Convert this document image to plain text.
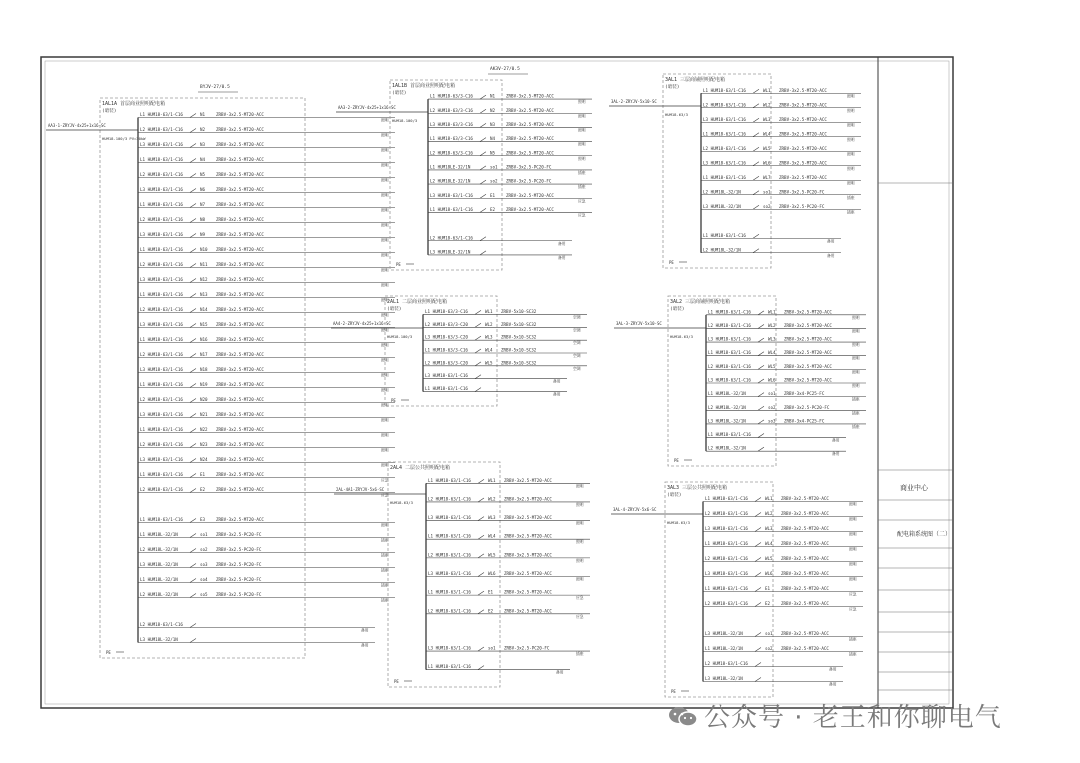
商业中心
配电箱系统图（二）
1AL1A 首层商业照明配电箱
(暗装)
AA3-1-ZRYJV-4x25+1x16-SC
HUM18-100/3 PV=30kW
BYJV-27/0.5
L1 HUM18-63/1-C16	N1	ZRBV-3x2.5-MT20-ACC
照明
L2 HUM18-63/1-C16	N2	ZRBV-3x2.5-MT20-ACC
照明
L3 HUM18-63/1-C16	N3	ZRBV-3x2.5-MT20-ACC
照明
L1 HUM18-63/1-C16	N4	ZRBV-3x2.5-MT20-ACC
照明
L2 HUM18-63/1-C16	N5	ZRBV-3x2.5-MT20-ACC
照明
L3 HUM18-63/1-C16	N6	ZRBV-3x2.5-MT20-ACC
照明
L1 HUM18-63/1-C16	N7	ZRBV-3x2.5-MT20-ACC
照明
L2 HUM18-63/1-C16	N8	ZRBV-3x2.5-MT20-ACC
照明
L3 HUM18-63/1-C16	N9	ZRBV-3x2.5-MT20-ACC
照明
L1 HUM18-63/1-C16	N10 ZRBV-3x2.5-MT20-ACC
照明
L2 HUM18-63/1-C16	N11 ZRBV-3x2.5-MT20-ACC
照明
L3 HUM18-63/1-C16	N12 ZRBV-3x2.5-MT20-ACC
照明
L1 HUM18-63/1-C16	N13 ZRBV-3x2.5-MT20-ACC
照明
L2 HUM18-63/1-C16	N14 ZRBV-3x2.5-MT20-ACC
照明
L3 HUM18-63/1-C16	N15 ZRBV-3x2.5-MT20-ACC
照明
L1 HUM18-63/1-C16	N16 ZRBV-3x2.5-MT20-ACC
照明
L2 HUM18-63/1-C16	N17 ZRBV-3x2.5-MT20-ACC
照明
L3 HUM18-63/1-C16	N18 ZRBV-3x2.5-MT20-ACC
照明
L1 HUM18-63/1-C16	N19 ZRBV-3x2.5-MT20-ACC
照明
L2 HUM18-63/1-C16	N20 ZRBV-3x2.5-MT20-ACC
照明
L3 HUM18-63/1-C16	N21 ZRBV-3x2.5-MT20-ACC
照明
L1 HUM18-63/1-C16	N22 ZRBV-3x2.5-MT20-ACC
照明
L2 HUM18-63/1-C16	N23 ZRBV-3x2.5-MT20-ACC
照明
L3 HUM18-63/1-C16	N24 ZRBV-3x2.5-MT20-ACC
照明
L1 HUM18-63/1-C16	E1	ZRBV-3x2.5-MT20-ACC
应急
L2 HUM18-63/1-C16	E2	ZRBV-3x2.5-MT20-ACC
应急
L1 HUM18-63/1-C16	E3	ZRBV-3x2.5-MT20-ACC
照明
L1 HUM18L-32/1N	so1 ZRBV-3x2.5-PC20-FC
插座
L2 HUM18L-32/1N	so2 ZRBV-3x2.5-PC20-FC
插座
L3 HUM18L-32/1N	so3 ZRBV-3x2.5-PC20-FC
插座
L1 HUM18L-32/1N	so4 ZRBV-3x2.5-PC20-FC
插座
L2 HUM18L-32/1N	so5 ZRBV-3x2.5-PC20-FC
插座
L2 HUM18-63/1-C16
备用
L3 HUM18L-32/1N
备用
PE
1AL1B 首层商业照明配电箱
(暗装)
AA3-2-ZRYJV-4x25+1x16-SC
HUM18-100/3
AK3V-27/0.5
L1 HUM18-63/3-C16	N1	ZRBV-3x2.5-MT20-ACC
照明
L2 HUM18-63/3-C16	N2	ZRBV-3x2.5-MT20-ACC
照明
L3 HUM18-63/3-C16	N3	ZRBV-3x2.5-MT20-ACC
照明
L1 HUM18-63/3-C16	N4	ZRBV-3x2.5-MT20-ACC
照明
L2 HUM18-63/3-C16	N5	ZRBV-3x2.5-MT20-ACC
照明
L1 HUM18LE-32/1N	so1 ZRBV-3x2.5-PC20-FC
插座
L2 HUM18LE-32/1N	so2 ZRBV-3x2.5-PC20-FC
插座
L3 HUM18-63/1-C16	E1	ZRBV-3x2.5-MT20-ACC
应急
L1 HUM18-63/1-C16	E2	ZRBV-3x2.5-MT20-ACC
应急
L2 HUM18-63/1-C16
备用
L3 HUM18LE-32/1N
备用
PE
2AL1 二层商业照明配电箱
(暗装)
AA4-2-ZRYJV-4x25+1x16-SC
HUM18-100/3
L1 HUM18-63/3-C16	WL1 ZRBV-5x10-SC32
空调
L2 HUM18-63/3-C20	WL2 ZRBV-5x10-SC32
空调
L3 HUM18-63/3-C20	WL3 ZRBV-5x10-SC32
空调
L1 HUM18-63/3-C16	WL4 ZRBV-5x10-SC32
空调
L2 HUM18-63/3-C20	WL5 ZRBV-5x10-SC32
空调
L3 HUM18-63/1-C16
备用
L1 HUM18-63/1-C16
备用
PE
2AL4 二层公共照明配电箱
2AL-4A1-ZRYJV-5x6-SC
HUM18-63/3
L1 HUM18-63/1-C16	WL1 ZRBV-3x2.5-MT20-ACC
照明
L2 HUM18-63/1-C16	WL2 ZRBV-3x2.5-MT20-ACC
照明
L3 HUM18-63/1-C16	WL3 ZRBV-3x2.5-MT20-ACC
照明
L1 HUM18-63/1-C16	WL4 ZRBV-3x2.5-MT20-ACC
照明
L2 HUM18-63/1-C16	WL5 ZRBV-3x2.5-MT20-ACC
照明
L3 HUM18-63/1-C16	WL6 ZRBV-3x2.5-MT20-ACC
照明
L1 HUM18-63/1-C16	E1	ZRBV-3x2.5-MT20-ACC
应急
L2 HUM18-63/1-C16	E2	ZRBV-3x2.5-MT20-ACC
应急
L3 HUM18-63/1-C16	so1 ZRBV-3x2.5-PC20-FC
插座
L1 HUM18-63/1-C16
备用
PE
3AL1 三层商铺照明配电箱
(暗装)
3AL-2-ZRYJV-5x10-SC
HUM18-63/3
L1 HUM18-63/1-C16	WL1 ZRBV-3x2.5-MT20-ACC
照明
L2 HUM18-63/1-C16	WL2 ZRBV-3x2.5-MT20-ACC
照明
L3 HUM18-63/1-C16	WL3 ZRBV-3x2.5-MT20-ACC
照明
L1 HUM18-63/1-C16	WL4 ZRBV-3x2.5-MT20-ACC
照明
L2 HUM18-63/1-C16	WL5 ZRBV-3x2.5-MT20-ACC
照明
L3 HUM18-63/1-C16	WL6 ZRBV-3x2.5-MT20-ACC
照明
L1 HUM18-63/1-C16	WL7 ZRBV-3x2.5-MT20-ACC
照明
L2 HUM18L-32/1N	so1 ZRBV-3x2.5-PC20-FC
插座
L3 HUM18L-32/1N	so2 ZRBV-3x2.5-PC20-FC
插座
L1 HUM18-63/1-C16
备用
L2 HUM18L-32/1N
备用
PE
3AL2 三层商铺照明配电箱
(暗装)
3AL-3-ZRYJV-5x10-SC
HUM18-63/3
L1 HUM18-63/1-C16	WL1 ZRBV-3x2.5-MT20-ACC
照明
L2 HUM18-63/1-C16	WL2 ZRBV-3x2.5-MT20-ACC
照明
L3 HUM18-63/1-C16	WL3 ZRBV-3x2.5-MT20-ACC
照明
L1 HUM18-63/1-C16	WL4 ZRBV-3x2.5-MT20-ACC
照明
L2 HUM18-63/1-C16	WL5 ZRBV-3x2.5-MT20-ACC
照明
L3 HUM18-63/1-C16	WL6 ZRBV-3x2.5-MT20-ACC
照明
L1 HUM18L-32/1N	so1 ZRBV-3x4-PC25-FC
插座
L2 HUM18L-32/1N	so2 ZRBV-3x2.5-PC20-FC
插座
L3 HUM18L-32/1N	so3 ZRBV-3x4-PC25-FC
插座
L1 HUM18-63/1-C16
备用
L2 HUM18L-32/1N
备用
PE
3AL3 三层公共照明配电箱
(暗装)
3AL-4-ZRYJV-5x6-SC
HUM18-63/3
L1 HUM18-63/1-C16	WL1 ZRBV-3x2.5-MT20-ACC
照明
L2 HUM18-63/1-C16	WL2 ZRBV-3x2.5-MT20-ACC
照明
L3 HUM18-63/1-C16	WL3 ZRBV-3x2.5-MT20-ACC
照明
L1 HUM18-63/1-C16	WL4 ZRBV-3x2.5-MT20-ACC
照明
L2 HUM18-63/1-C16	WL5 ZRBV-3x2.5-MT20-ACC
照明
L3 HUM18-63/1-C16	WL6 ZRBV-3x2.5-MT20-ACC
照明
L1 HUM18-63/1-C16	E1	ZRBV-3x2.5-MT20-ACC
应急
L2 HUM18-63/1-C16	E2	ZRBV-3x2.5-MT20-ACC
应急
L3 HUM18L-32/1N	so1 ZRBV-3x2.5-MT20-ACC
插座
L1 HUM18L-32/1N	so2 ZRBV-3x2.5-MT20-ACC
插座
L2 HUM18-63/1-C16
备用
L3 HUM18L-32/1N
备用
PE
公众号 · 老王和你聊电气
